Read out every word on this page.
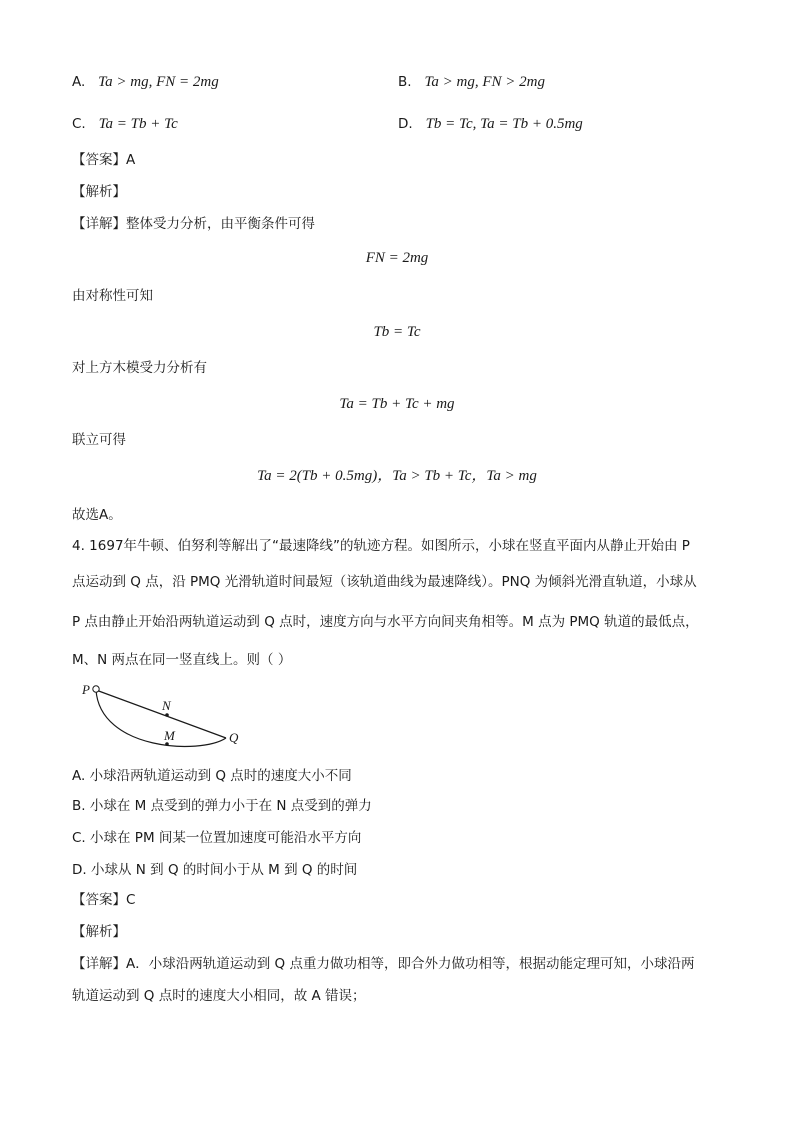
A. Ta > mg, FN = 2mg	B. Ta > mg, FN > 2mg
C. Ta = Tb + Tc	D. Tb = Tc, Ta = Tb + 0.5mg
【答案】A
【解析】
【详解】整体受力分析，由平衡条件可得
FN = 2mg
由对称性可知
Tb = Tc
对上方木模受力分析有
Ta = Tb + Tc + mg
联立可得
Ta = 2(Tb + 0.5mg)，Ta > Tb + Tc，Ta > mg
故选A。
4. 1697年牛顿、伯努利等解出了“最速降线”的轨迹方程。如图所示，小球在竖直平面内从静止开始由 P
点运动到 Q 点，沿 PMQ 光滑轨道时间最短（该轨道曲线为最速降线）。PNQ 为倾斜光滑直轨道，小球从
P 点由静止开始沿两轨道运动到 Q 点时，速度方向与水平方向间夹角相等。M 点为 PMQ 轨道的最低点，
M、N 两点在同一竖直线上。则（ ）
P
N
M	Q
A. 小球沿两轨道运动到 Q 点时的速度大小不同
B. 小球在 M 点受到的弹力小于在 N 点受到的弹力
C. 小球在 PM 间某一位置加速度可能沿水平方向
D. 小球从 N 到 Q 的时间小于从 M 到 Q 的时间
【答案】C
【解析】
【详解】A．小球沿两轨道运动到 Q 点重力做功相等，即合外力做功相等，根据动能定理可知，小球沿两
轨道运动到 Q 点时的速度大小相同，故 A 错误；
